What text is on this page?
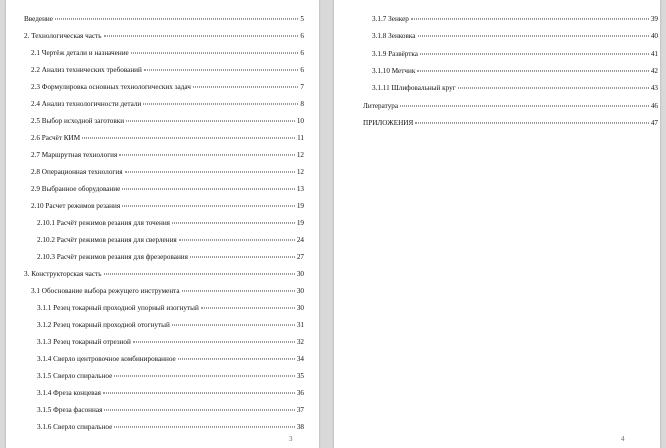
Введение	5
2. Технологическая часть	6
2.1 Чертёж детали и назначение	6
2.2 Анализ технических требований	6
2.3 Формулировка основных технологических задач	7
2.4 Анализ технологичности детали	8
2.5 Выбор исходной заготовки	10
2.6 Расчёт КИМ	11
2.7 Маршрутная технология	12
2.8 Операционная технология	12
2.9 Выбранное оборудование	13
2.10 Расчет режимов резания	19
2.10.1 Расчёт режимов резания для точения	19
2.10.2 Расчёт режимов резания для сверления	24
2.10.3 Расчёт режимов резания для фрезерования	27
3. Конструкторская часть	30
3.1 Обоснование выбора режущего инструмента	30
3.1.1 Резец токарный проходной упорный изогнутый	30
3.1.2 Резец токарный проходной отогнутый	31
3.1.3 Резец токарный отрезной	32
3.1.4 Сверло центровочное комбинированное	34
3.1.5 Сверло спиральное	35
3.1.4 Фреза концевая	36
3.1.5 Фреза фасонная	37
3.1.6 Сверло спиральное	38
3
3.1.7 Зенкер	39
3.1.8 Зенковка	40
3.1.9 Развёртка	41
3.1.10 Метчик	42
3.1.11 Шлифовальный круг	43
Литература	46
ПРИЛОЖЕНИЯ	47
4
